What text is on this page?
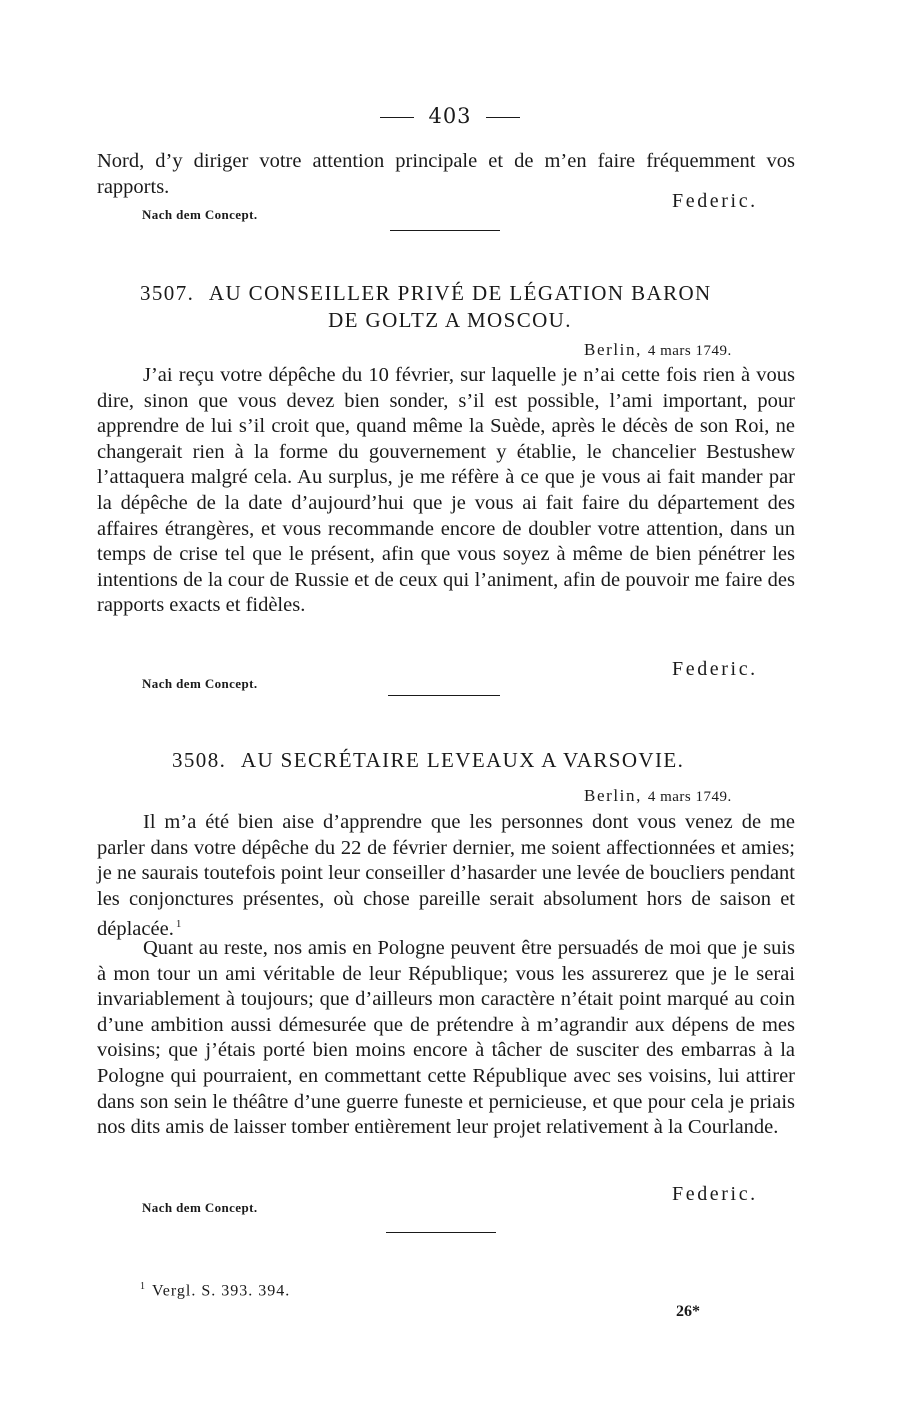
403
Nord, d’y diriger votre attention principale et de m’en faire fréquemment vos rapports.
Federic.
Nach dem Concept.
3507. AU CONSEILLER PRIVÉ DE LÉGATION BARON
DE GOLTZ A MOSCOU.
Berlin, 4 mars 1749.
J’ai reçu votre dépêche du 10 février, sur laquelle je n’ai cette fois rien à vous dire, sinon que vous devez bien sonder, s’il est possible, l’ami important, pour apprendre de lui s’il croit que, quand même la Suède, après le décès de son Roi, ne changerait rien à la forme du gouvernement y établie, le chancelier Bestushew l’attaquera malgré cela. Au surplus, je me réfère à ce que je vous ai fait mander par la dépêche de la date d’aujourd’hui que je vous ai fait faire du département des affaires étrangères, et vous recommande encore de doubler votre attention, dans un temps de crise tel que le présent, afin que vous soyez à même de bien pénétrer les intentions de la cour de Russie et de ceux qui l’animent, afin de pouvoir me faire des rapports exacts et fidèles.
Federic.
Nach dem Concept.
3508. AU SECRÉTAIRE LEVEAUX A VARSOVIE.
Berlin, 4 mars 1749.
Il m’a été bien aise d’apprendre que les personnes dont vous venez de me parler dans votre dépêche du 22 de février dernier, me soient affectionnées et amies; je ne saurais toutefois point leur conseiller d’hasarder une levée de boucliers pendant les conjonctures présentes, où chose pareille serait absolument hors de saison et déplacée. $^1$
Quant au reste, nos amis en Pologne peuvent être persuadés de moi que je suis à mon tour un ami véritable de leur République; vous les assurerez que je le serai invariablement à toujours; que d’ailleurs mon caractère n’était point marqué au coin d’une ambition aussi démesurée que de prétendre à m’agrandir aux dépens de mes voisins; que j’étais porté bien moins encore à tâcher de susciter des embarras à la Pologne qui pourraient, en commettant cette République avec ses voisins, lui attirer dans son sein le théâtre d’une guerre funeste et pernicieuse, et que pour cela je priais nos dits amis de laisser tomber entièrement leur projet relativement à la Courlande.
Federic.
Nach dem Concept.
$^1$ Vergl. S. 393. 394.
26*
